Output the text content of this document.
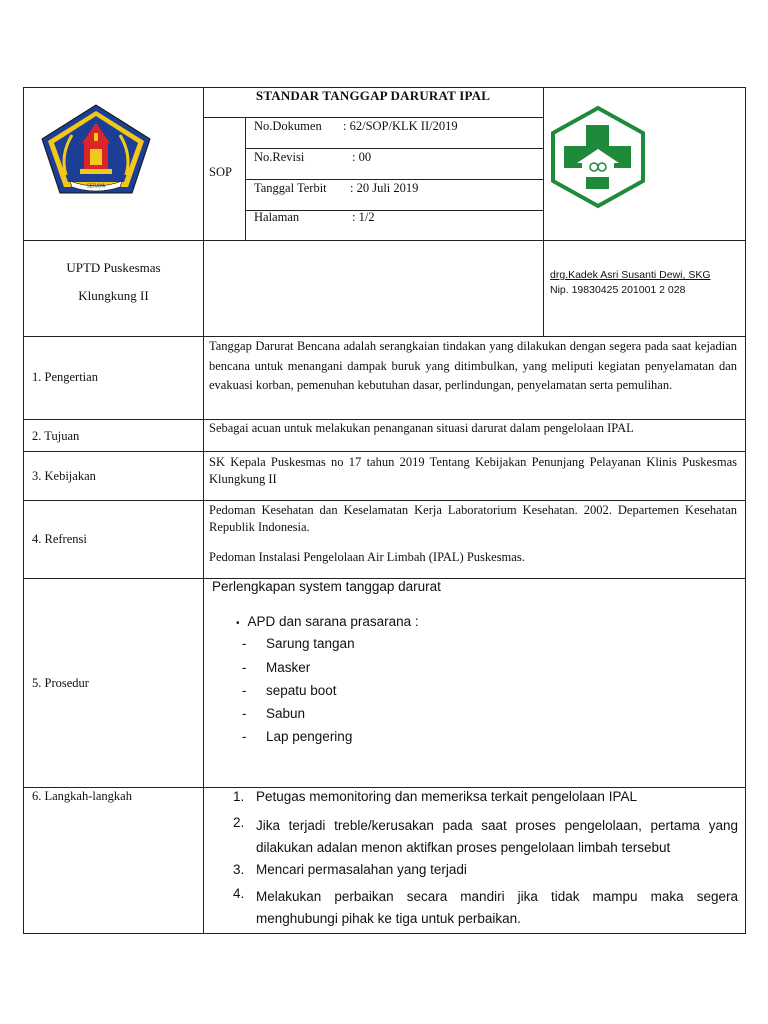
SERAYA
STANDAR TANGGAP DARURAT IPAL
SOP
No.Dokumen : 62/SOP/KLK II/2019
No.Revisi	: 00
Tanggal Terbit : 20 Juli 2019
Halaman	: 1/2
UPTD Puskesmas
Klungkung II
drg.Kadek Asri Susanti Dewi, SKG
Nip. 19830425 201001 2 028
1. Pengertian
Tanggap Darurat Bencana adalah serangkaian tindakan yang dilakukan dengan segera pada saat kejadian bencana untuk menangani dampak buruk yang ditimbulkan, yang meliputi kegiatan penyelamatan dan evakuasi korban, pemenuhan kebutuhan dasar, perlindungan, penyelamatan serta pemulihan.
2. Tujuan
Sebagai acuan untuk melakukan penanganan situasi darurat dalam pengelolaan IPAL
3. Kebijakan
SK Kepala Puskesmas no 17 tahun 2019 Tentang Kebijakan Penunjang Pelayanan Klinis Puskesmas Klungkung II
4. Refrensi
Pedoman Kesehatan dan Keselamatan Kerja Laboratorium Kesehatan. 2002. Departemen Kesehatan Republik Indonesia.
Pedoman Instalasi Pengelolaan Air Limbah (IPAL) Puskesmas.
5. Prosedur
Perlengkapan system tanggap darurat
• APD dan sarana prasarana :
- Sarung tangan
- Masker
- sepatu boot
- Sabun
- Lap pengering
6. Langkah-langkah	1. Petugas memonitoring dan memeriksa terkait pengelolaan IPAL
2. Jika terjadi treble/kerusakan pada saat proses pengelolaan, pertama yang dilakukan adalan menon aktifkan proses pengelolaan limbah tersebut
3. Mencari permasalahan yang terjadi
4. Melakukan perbaikan secara mandiri jika tidak mampu maka segera menghubungi pihak ke tiga untuk perbaikan.
